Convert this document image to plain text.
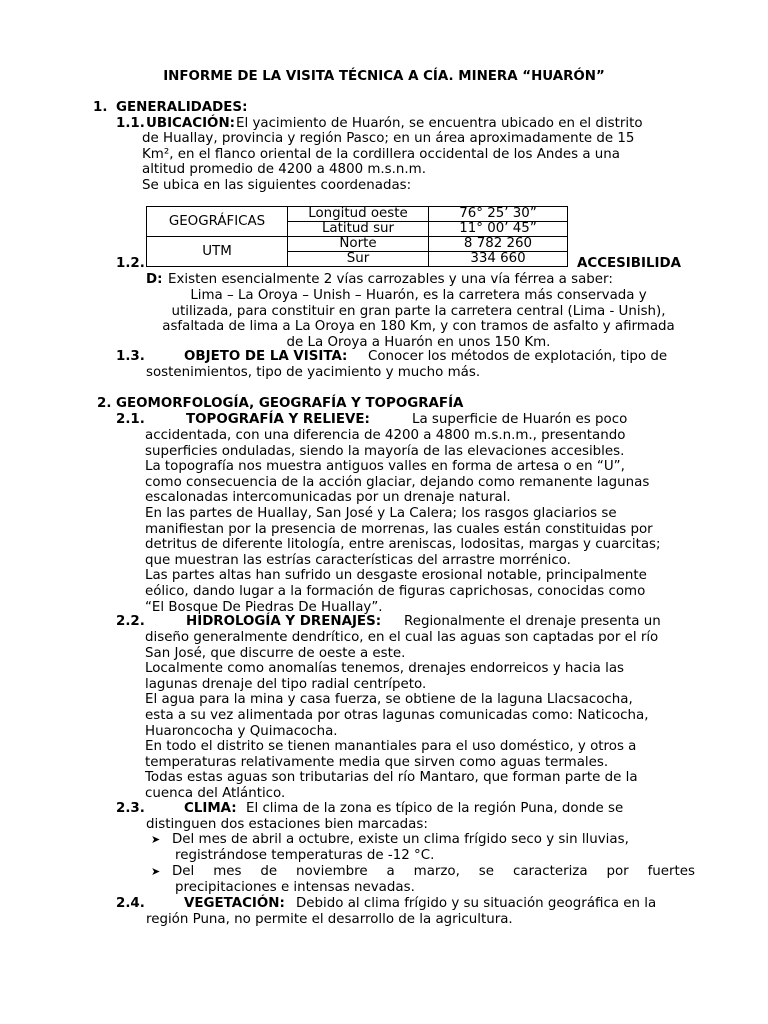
INFORME DE LA VISITA TÉCNICA A CÍA. MINERA “HUARÓN”
1. GENERALIDADES:
1.1. UBICACIÓN: El yacimiento de Huarón, se encuentra ubicado en el distrito

de Huallay, provincia y región Pasco; en un área aproximadamente de 15

Km², en el flanco oriental de la cordillera occidental de los Andes a una

altitud promedio de 4200 a 4800 m.s.n.m.

Se ubica en las siguientes coordenadas:

GEOGRÁFICAS	Longitud oeste	76° 25’ 30”
	Latitud sur	11° 00’ 45”
UTM	Norte	8 782 260
	Sur	334 660
1.2.	ACCESIBILIDA
D: Existen esencialmente 2 vías carrozables y una vía férrea a saber:

Lima – La Oroya – Unish – Huarón, es la carretera más conservada y

utilizada, para constituir en gran parte la carretera central (Lima - Unish),

asfaltada de lima a La Oroya en 180 Km, y con tramos de asfalto y afirmada

de La Oroya a Huarón en unos 150 Km.

1.3.	OBJETO DE LA VISITA: Conocer los métodos de explotación, tipo de
sostenimientos, tipo de yacimiento y mucho más.
2. GEOMORFOLOGÍA, GEOGRAFÍA Y TOPOGRAFÍA
2.1.	TOPOGRAFÍA Y RELIEVE:	La superficie de Huarón es poco

accidentada, con una diferencia de 4200 a 4800 m.s.n.m., presentando

superficies onduladas, siendo la mayoría de las elevaciones accesibles.

La topografía nos muestra antiguos valles en forma de artesa o en “U”,

como consecuencia de la acción glaciar, dejando como remanente lagunas

escalonadas intercomunicadas por un drenaje natural.

En las partes de Huallay, San José y La Calera; los rasgos glaciarios se

manifiestan por la presencia de morrenas, las cuales están constituidas por

detritus de diferente litología, entre areniscas, lodositas, margas y cuarcitas;

que muestran las estrías características del arrastre morrénico.

Las partes altas han sufrido un desgaste erosional notable, principalmente

eólico, dando lugar a la formación de figuras caprichosas, conocidas como

“El Bosque De Piedras De Huallay”.

2.2.	HIDROLOGÍA Y DRENAJES: Regionalmente el drenaje presenta un

diseño generalmente dendrítico, en el cual las aguas son captadas por el río

San José, que discurre de oeste a este.

Localmente como anomalías tenemos, drenajes endorreicos y hacia las

lagunas drenaje del tipo radial centrípeto.

El agua para la mina y casa fuerza, se obtiene de la laguna Llacsacocha,

esta a su vez alimentada por otras lagunas comunicadas como: Naticocha,

Huaroncocha y Quimacocha.

En todo el distrito se tienen manantiales para el uso doméstico, y otros a

temperaturas relativamente media que sirven como aguas termales.

Todas estas aguas son tributarias del río Mantaro, que forman parte de la

cuenca del Atlántico.

2.3.	CLIMA: El clima de la zona es típico de la región Puna, donde se
distinguen dos estaciones bien marcadas:
➤ Del mes de abril a octubre, existe un clima frígido seco y sin lluvias,
registrándose temperaturas de -12 °C.
➤ Del mes de noviembre a marzo, se caracteriza por fuertes
precipitaciones e intensas nevadas.
2.4.	VEGETACIÓN: Debido al clima frígido y su situación geográfica en la
región Puna, no permite el desarrollo de la agricultura.
